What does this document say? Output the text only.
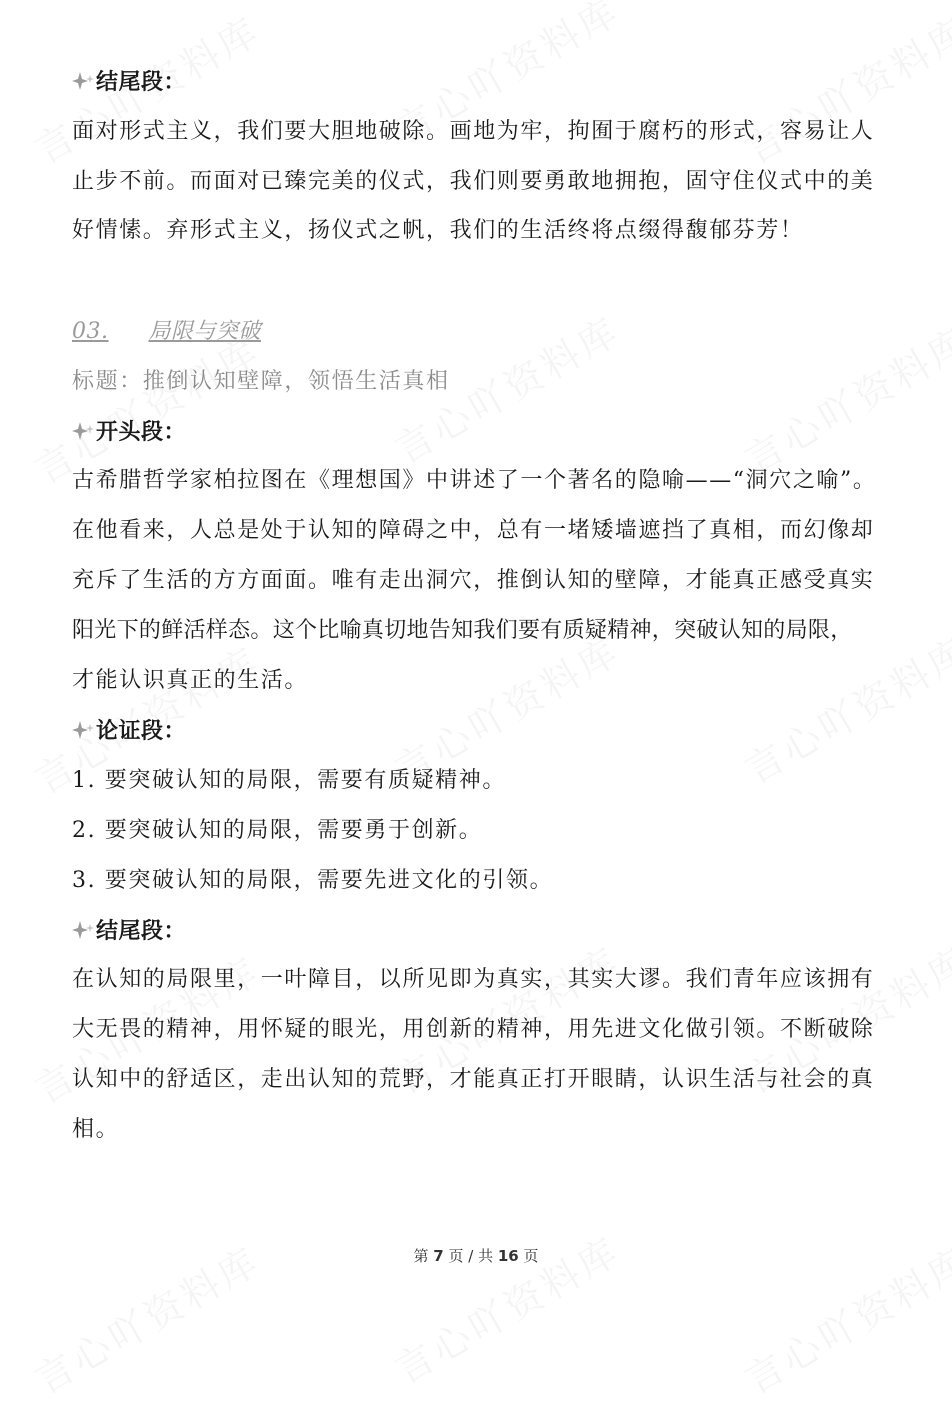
结尾段：
面对形式主义，我们要大胆地破除。画地为牢，拘囿于腐朽的形式，容易让人
止步不前。而面对已臻完美的仪式，我们则要勇敢地拥抱，固守住仪式中的美
好情愫。弃形式主义，扬仪式之帆，我们的生活终将点缀得馥郁芬芳！
03. 局限与突破
标题：推倒认知壁障，领悟生活真相
开头段：
古希腊哲学家柏拉图在《理想国》中讲述了一个著名的隐喻——“洞穴之喻”。
在他看来，人总是处于认知的障碍之中，总有一堵矮墙遮挡了真相，而幻像却
充斥了生活的方方面面。唯有走出洞穴，推倒认知的壁障，才能真正感受真实
阳光下的鲜活样态。这个比喻真切地告知我们要有质疑精神，突破认知的局限，
才能认识真正的生活。
论证段：
1. 要突破认知的局限，需要有质疑精神。
2. 要突破认知的局限，需要勇于创新。
3. 要突破认知的局限，需要先进文化的引领。
结尾段：
在认知的局限里，一叶障目，以所见即为真实，其实大谬。我们青年应该拥有
大无畏的精神，用怀疑的眼光，用创新的精神，用先进文化做引领。不断破除
认知中的舒适区，走出认知的荒野，才能真正打开眼睛，认识生活与社会的真
相。
第 7 页 / 共 16 页
